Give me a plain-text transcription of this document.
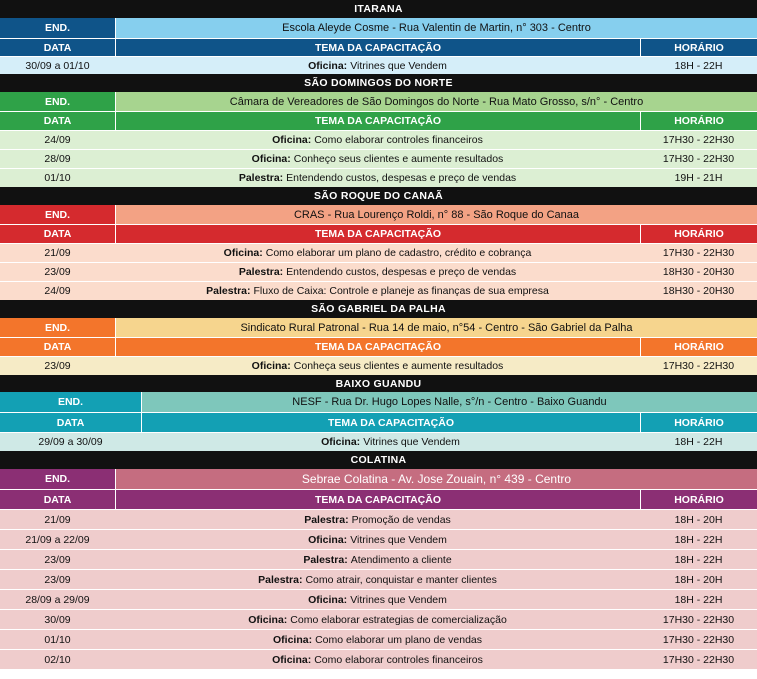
ITARANA
END.	Escola Aleyde Cosme - Rua Valentin de Martin, n° 303 - Centro
DATA	TEMA DA CAPACITAÇÃO	HORÁRIO
30/09 a 01/10	Oficina: Vitrines que Vendem	18H - 22H
SÃO DOMINGOS DO NORTE
END.	Câmara de Vereadores de São Domingos do Norte - Rua Mato Grosso, s/n° - Centro
DATA	TEMA DA CAPACITAÇÃO	HORÁRIO
24/09	Oficina: Como elaborar controles financeiros	17H30 - 22H30
28/09	Oficina: Conheço seus clientes e aumente resultados	17H30 - 22H30
01/10	Palestra: Entendendo custos, despesas e preço de vendas	19H - 21H
SÃO ROQUE DO CANAÃ
END.	CRAS - Rua Lourenço Roldi, n° 88 - São Roque do Canaa
DATA	TEMA DA CAPACITAÇÃO	HORÁRIO
21/09	Oficina: Como elaborar um plano de cadastro, crédito e cobrança	17H30 - 22H30
23/09	Palestra: Entendendo custos, despesas e preço de vendas	18H30 - 20H30
24/09	Palestra: Fluxo de Caixa: Controle e planeje as finanças de sua empresa	18H30 - 20H30
SÃO GABRIEL DA PALHA
END.	Sindicato Rural Patronal - Rua 14 de maio, n°54 - Centro - São Gabriel da Palha
DATA	TEMA DA CAPACITAÇÃO	HORÁRIO
23/09	Oficina: Conheça seus clientes e aumente resultados	17H30 - 22H30
BAIXO GUANDU
END.	NESF - Rua Dr. Hugo Lopes Nalle, s°/n - Centro - Baixo Guandu
DATA	TEMA DA CAPACITAÇÃO	HORÁRIO
29/09 a 30/09	Oficina: Vitrines que Vendem	18H - 22H
COLATINA
END.	Sebrae Colatina - Av. Jose Zouain, n° 439 - Centro
DATA	TEMA DA CAPACITAÇÃO	HORÁRIO
21/09	Palestra: Promoção de vendas	18H - 20H
21/09 a 22/09	Oficina: Vitrines que Vendem	18H - 22H
23/09	Palestra: Atendimento a cliente	18H - 22H
23/09	Palestra: Como atrair, conquistar e manter clientes	18H - 20H
28/09 a 29/09	Oficina: Vitrines que Vendem	18H - 22H
30/09	Oficina: Como elaborar estrategias de comercialização	17H30 - 22H30
01/10	Oficina: Como elaborar um plano de vendas	17H30 - 22H30
02/10	Oficina: Como elaborar controles financeiros	17H30 - 22H30
